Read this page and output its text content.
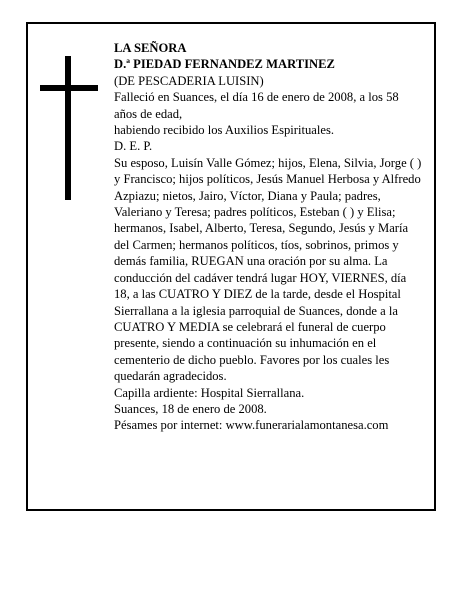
LA SEÑORA

D.ª PIEDAD FERNANDEZ MARTINEZ

(DE PESCADERIA LUISIN)

Falleció en Suances, el día 16 de enero de 2008, a los 58 años de edad,

habiendo recibido los Auxilios Espirituales.

D. E. P.

Su esposo, Luisín Valle Gómez; hijos, Elena, Silvia, Jorge ( ) y Francisco; hijos políticos, Jesús Manuel Herbosa y Alfredo Azpiazu; nietos, Jairo, Víctor, Diana y Paula; padres, Valeriano y Teresa; padres políticos, Esteban ( ) y Elisa; hermanos, Isabel, Alberto, Teresa, Segundo, Jesús y María del Carmen; hermanos políticos, tíos, sobrinos, primos y demás familia, RUEGAN una oración por su alma. La conducción del cadáver tendrá lugar HOY, VIERNES, día 18, a las CUATRO Y DIEZ de la tarde, desde el Hospital Sierrallana a la iglesia parroquial de Suances, donde a la CUATRO Y MEDIA se celebrará el funeral de cuerpo presente, siendo a continuación su inhumación en el cementerio de dicho pueblo. Favores por los cuales les quedarán agradecidos.

Capilla ardiente: Hospital Sierrallana.

Suances, 18 de enero de 2008.

Pésames por internet: www.funerarialamontanesa.com
